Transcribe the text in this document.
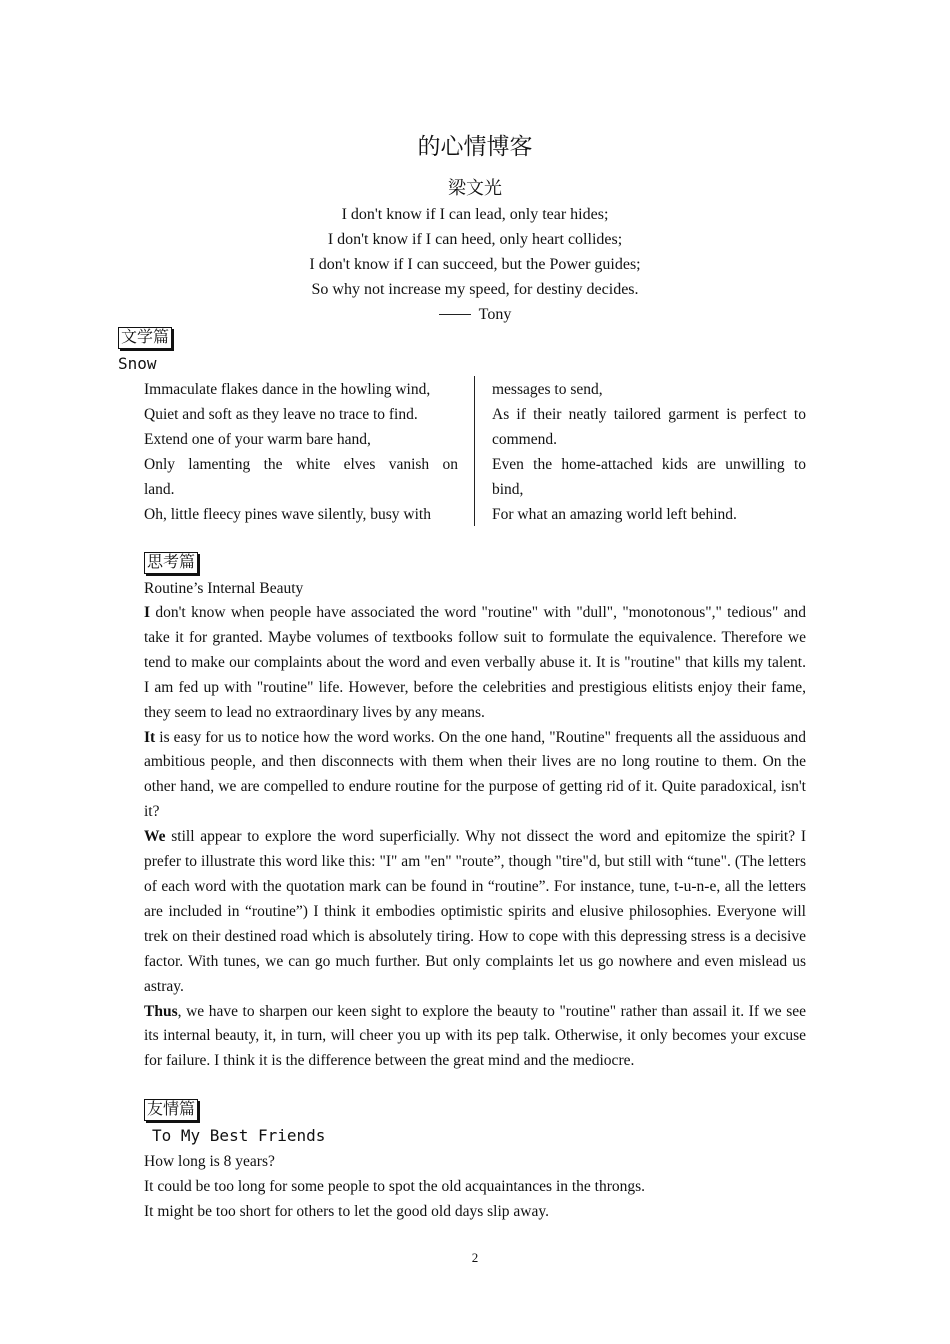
的心情博客
梁文光
I don't know if I can lead, only tear hides;
I don't know if I can heed, only heart collides;
I don't know if I can succeed, but the Power guides;
So why not increase my speed, for destiny decides.
Tony
文学篇
Snow
Immaculate flakes dance in the howling wind,
Quiet and soft as they leave no trace to find.
Extend one of your warm bare hand,
Only lamenting the white elves vanish on
land.
Oh, little fleecy pines wave silently, busy with
messages to send,
As if their neatly tailored garment is perfect to
commend.
Even the home-attached kids are unwilling to
bind,
For what an amazing world left behind.
思考篇
Routine’s Internal Beauty

I don't know when people have associated the word "routine" with "dull", "monotonous"," tedious" and take it for granted. Maybe volumes of textbooks follow suit to formulate the equivalence. Therefore we tend to make our complaints about the word and even verbally abuse it. It is "routine" that kills my talent. I am fed up with "routine" life. However, before the celebrities and prestigious elitists enjoy their fame, they seem to lead no extraordinary lives by any means.

It is easy for us to notice how the word works. On the one hand, "Routine" frequents all the assiduous and ambitious people, and then disconnects with them when their lives are no long routine to them. On the other hand, we are compelled to endure routine for the purpose of getting rid of it. Quite paradoxical, isn't it?

We still appear to explore the word superficially. Why not dissect the word and epitomize the spirit? I prefer to illustrate this word like this: "I" am "en" "route”, though "tire"d, but still with “tune". (The letters of each word with the quotation mark can be found in “routine”. For instance, tune, t-u-n-e, all the letters are included in “routine”) I think it embodies optimistic spirits and elusive philosophies. Everyone will trek on their destined road which is absolutely tiring. How to cope with this depressing stress is a decisive factor. With tunes, we can go much further. But only complaints let us go nowhere and even mislead us astray.

Thus, we have to sharpen our keen sight to explore the beauty to "routine" rather than assail it. If we see its internal beauty, it, in turn, will cheer you up with its pep talk. Otherwise, it only becomes your excuse for failure. I think it is the difference between the great mind and the mediocre.

友情篇
To My Best Friends
How long is 8 years?
It could be too long for some people to spot the old acquaintances in the throngs.
It might be too short for others to let the good old days slip away.
2
